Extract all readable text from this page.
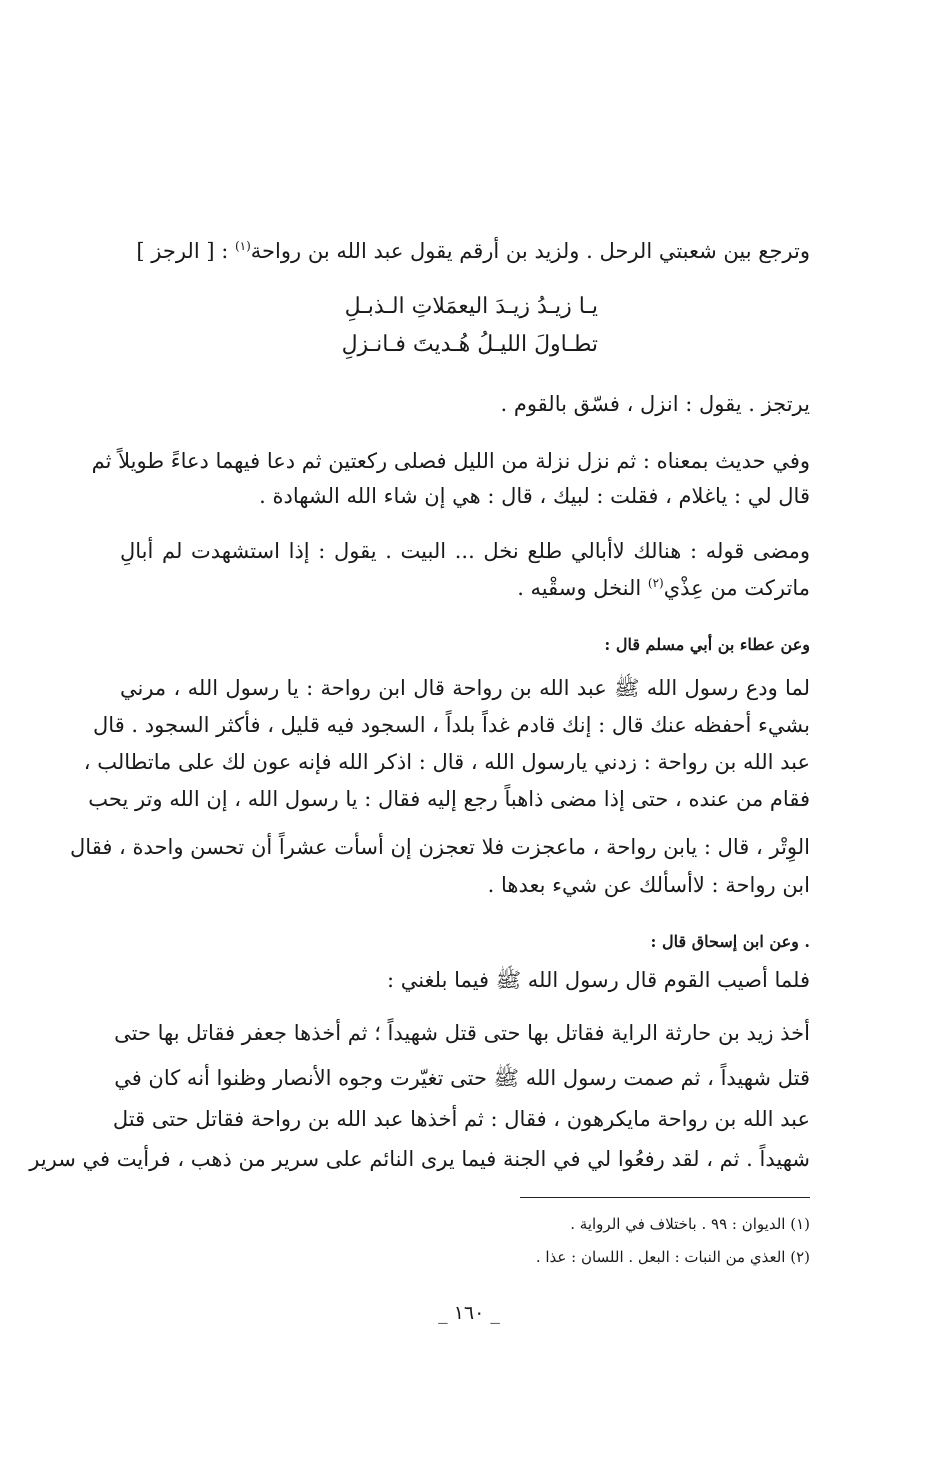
وترجع بين شعبتي الرحل . ولزيد بن أرقم يقول عبد الله بن رواحة$^{(١)}$ : [ الرجز ]
يـا زيـدُ زيـدَ اليعمَلاتِ الـذبـلِ
تطـاولَ الليـلُ هُـديتَ فـانـزلِ
يرتجز . يقول : انزل ، فسّق بالقوم .
وفي حديث بمعناه : ثم نزل نزلة من الليل فصلى ركعتين ثم دعا فيهما دعاءً طويلاً ثم
قال لي : ياغلام ، فقلت : لبيك ، قال : هي إن شاء الله الشهادة .
ومضى قوله : هنالك لاأبالي طلع نخل ... البيت . يقول : إذا استشهدت لم أبالِ
ماتركت من عِذْي$^{(٢)}$ النخل وسقْيه .
وعن عطاء بن أبي مسلم قال :
لما ودع رسول الله ﷺ عبد الله بن رواحة قال ابن رواحة : يا رسول الله ، مرني
بشيء أحفظه عنك قال : إنك قادم غداً بلداً ، السجود فيه قليل ، فأكثر السجود . قال
عبد الله بن رواحة : زدني يارسول الله ، قال : اذكر الله فإنه عون لك على ماتطالب ،
فقام من عنده ، حتى إذا مضى ذاهباً رجع إليه فقال : يا رسول الله ، إن الله وتر يحب
الوِتْر ، قال : يابن رواحة ، ماعجزت فلا تعجزن إن أسأت عشراً أن تحسن واحدة ، فقال
ابن رواحة : لاأسألك عن شيء بعدها .
. وعن ابن إسحاق قال :
فلما أصيب القوم قال رسول الله ﷺ فيما بلغني :
أخذ زيد بن حارثة الراية فقاتل بها حتى قتل شهيداً ؛ ثم أخذها جعفر فقاتل بها حتى
قتل شهيداً ، ثم صمت رسول الله ﷺ حتى تغيّرت وجوه الأنصار وظنوا أنه كان في
عبد الله بن رواحة مايكرهون ، فقال : ثم أخذها عبد الله بن رواحة فقاتل حتى قتل
شهيداً . ثم ، لقد رفعُوا لي في الجنة فيما يرى النائم على سرير من ذهب ، فرأيت في سرير
(١) الديوان : ٩٩ . باختلاف في الرواية .
(٢) العذي من النبات : البعل . اللسان : عذا .
_ ١٦٠ _
